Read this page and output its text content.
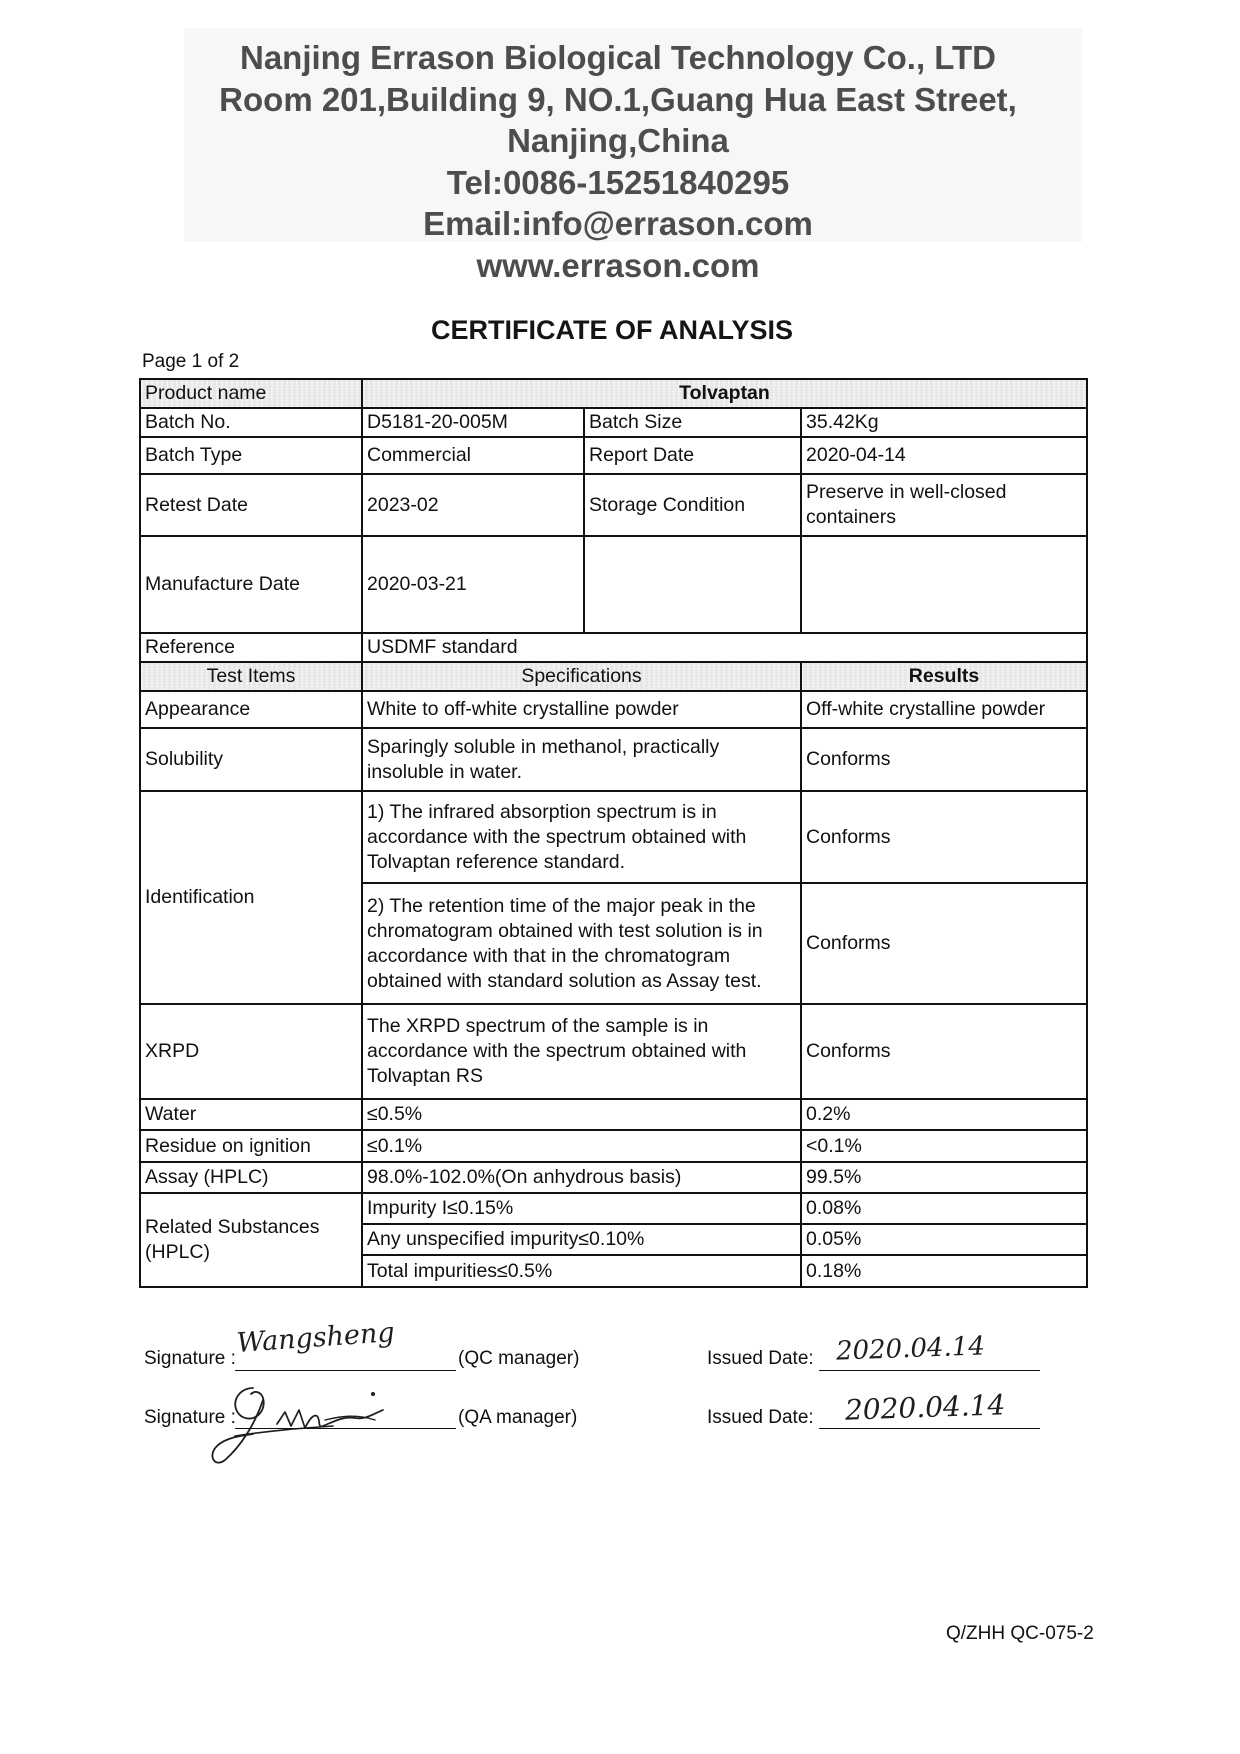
Nanjing Errason Biological Technology Co., LTD
Room 201,Building 9, NO.1,Guang Hua East Street,
Nanjing,China
Tel:0086-15251840295
Email:info@errason.com
www.errason.com
CERTIFICATE OF ANALYSIS
Page 1 of 2
Product name	Tolvaptan		
Batch No.	D5181-20-005M	Batch Size	35.42Kg
Batch Type	Commercial	Report Date	2020-04-14
Retest Date	2023-02	Storage Condition	Preserve in well-closed
containers

Manufacture Date	2020-03-21		
Reference	USDMF standard		
Test Items	Specifications		Results
Appearance	White to off-white crystalline powder		Off-white crystalline powder
Solubility	Sparingly soluble in methanol, practically
insoluble in water.		Conforms
Identification	1) The infrared absorption spectrum is in
accordance with the spectrum obtained with
Tolvaptan reference standard.		Conforms

	2) The retention time of the major peak in the
chromatogram obtained with test solution is in
accordance with that in the chromatogram
obtained with standard solution as Assay test.		Conforms
XRPD	The XRPD spectrum of the sample is in
accordance with the spectrum obtained with
Tolvaptan RS		Conforms
Water	≤0.5%		0.2%
Residue on ignition	≤0.1%		<0.1%
Assay (HPLC)	98.0%-102.0%(On anhydrous basis)		99.5%

Related Substances
(HPLC)	Impurity I≤0.15%		0.08%

	Any unspecified impurity≤0.10%		0.05%

	Total impurities≤0.5%		0.18%
Signature : Wangsheng	(QC manager)	Issued Date: 2020.04.14
Signature :	(QA manager)	Issued Date: 2020.04.14
Q/ZHH QC-075-2
